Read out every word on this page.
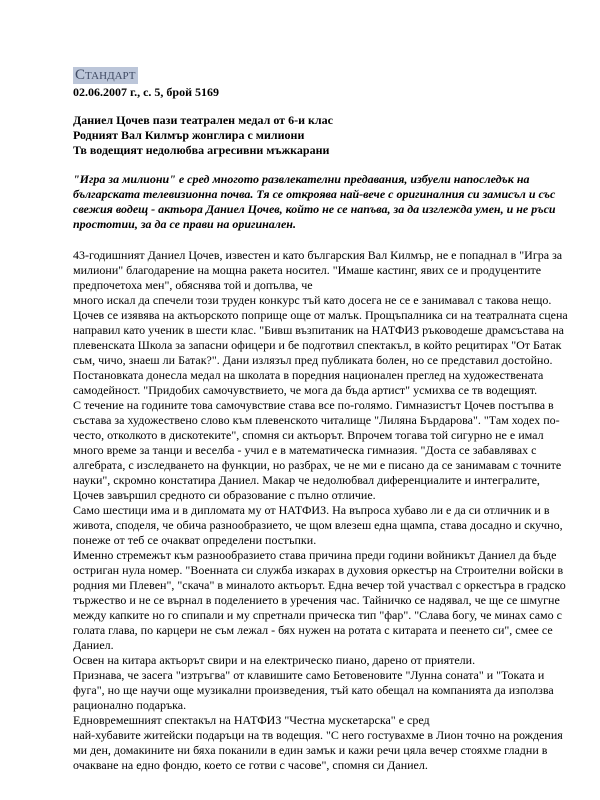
Стандарт
02.06.2007 г., с. 5, брой 5169
Даниел Цочев пази театрален медал от 6-и клас
Родният Вал Килмър жонглира с милиони
Тв водещият недолюбва агресивни мъжкарани
"Игра за милиони" е сред многото развлекателни предавания, избуели напоследък на българската телевизионна почва. Тя се откроява най-вече с оригиналния си замисъл и със свежия водещ - актьора Даниел Цочев, който не се напъва, за да изглежда умен, и не ръси простотии, за да се прави на оригинален.

43-годишният Даниел Цочев, известен и като българския Вал Килмър, не е попаднал в "Игра за милиони" благодарение на мощна ракета носител. "Имаше кастинг, явих се и продуцентите предпочетоха мен", обяснява той и допълва, че

много искал да спечели този труден конкурс тъй като досега не се е занимавал с такова нещо.

Цочев се изявява на актьорското поприще още от малък. Прощъпалника си на театралната сцена направил като ученик в шести клас. "Бивш възпитаник на НАТФИЗ ръководеше драмсъстава на плевенската Школа за запасни офицери и бе подготвил спектакъл, в който рецитирах "От Батак съм, чичо, знаеш ли Батак?". Дани излязъл пред публиката болен, но се представил достойно. Постановката донесла медал на школата в поредния национален преглед на художествената самодейност. "Придобих самочувствието, че мога да бъда артист" усмихва се тв водещият.

С течение на годините това самочувствие става все по-голямо. Гимназистът Цочев постъпва в състава за художествено слово към плевенското читалище "Лиляна Бърдарова". "Там ходех по-често, отколкото в дискотеките", спомня си актьорът. Впрочем тогава той сигурно не е имал много време за танци и веселба - учил е в математическа гимназия. "Доста се забавлявах с алгебрата, с изследването на функции, но разбрах, че не ми е писано да се занимавам с точните науки", скромно констатира Даниел. Макар че недолюбвал диференциалите и интегралите, Цочев завършил средното си образование с пълно отличие.

Само шестици има и в дипломата му от НАТФИЗ. На въпроса хубаво ли е да си отличник и в живота, споделя, че обича разнообразието, че щом влезеш една щампа, става досадно и скучно, понеже от теб се очакват определени постъпки.

Именно стремежът към разнообразието става причина преди години войникът Даниел да бъде остриган нула номер. "Военната си служба изкарах в духовия оркестър на Строителни войски в родния ми Плевен", "скача" в миналото актьорът. Една вечер той участвал с оркестъра в градско тържество и не се върнал в поделението в уречения час. Тайничко се надявал, че ще се шмугне между капките но го спипали и му спретнали прическа тип "фар". "Слава богу, че минах само с голата глава, по карцери не съм лежал - бях нужен на ротата с китарата и пеенето си", смее се Даниел.

Освен на китара актьорът свири и на електрическо пиано, дарено от приятели.

Признава, че засега "изтръгва" от клавишите само Бетовеновите "Лунна соната" и "Токата и фуга", но ще научи още музикални произведения, тъй като обещал на компанията да използва рационално подаръка.

Едновремешният спектакъл на НАТФИЗ "Честна мускетарска" е сред

най-хубавите житейски подаръци на тв водещия. "С него гостувахме в Лион точно на рождения ми ден, домакините ни бяха поканили в един замък и кажи речи цяла вечер стояхме гладни в очакване на едно фондю, което се готви с часове", спомня си Даниел.
